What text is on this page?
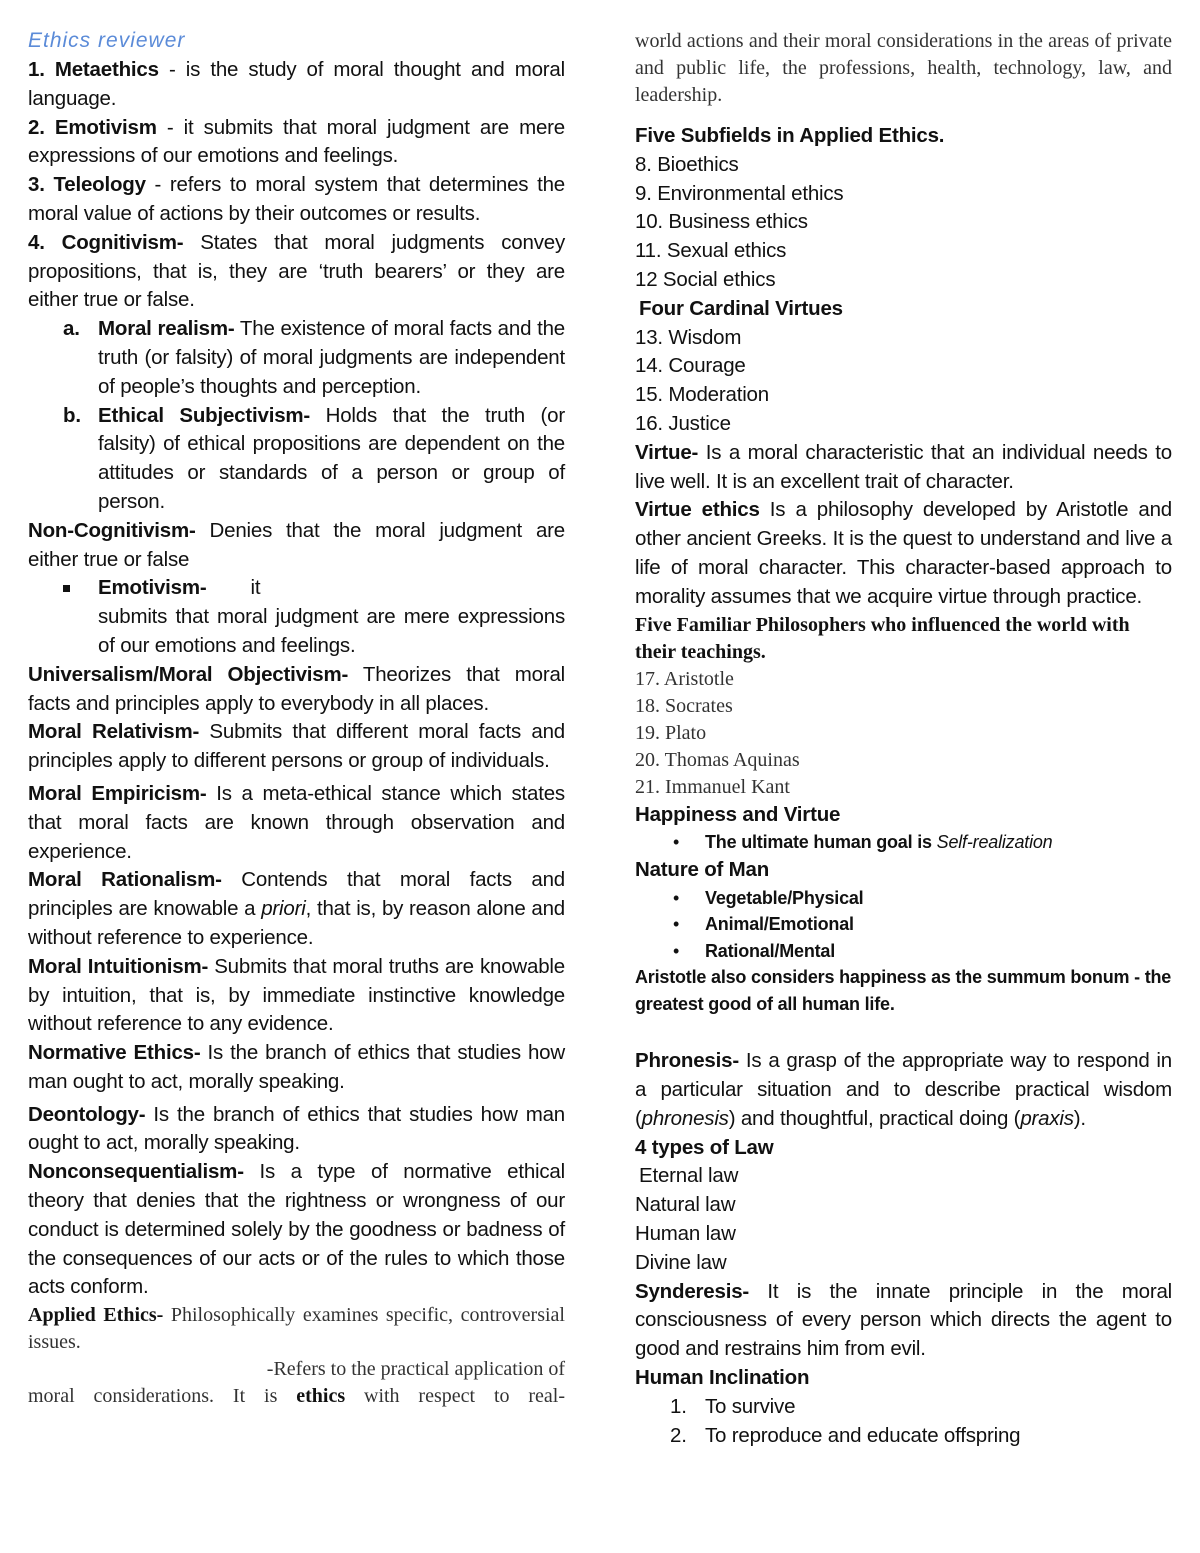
Ethics reviewer

1. Metaethics - is the study of moral thought and moral language.

2. Emotivism - it submits that moral judgment are mere expressions of our emotions and feelings.

3. Teleology - refers to moral system that determines the moral value of actions by their outcomes or results.

4. Cognitivism- States that moral judgments convey propositions, that is, they are ‘truth bearers’ or they are either true or false.

a. Moral realism- The existence of moral facts and the truth (or falsity) of moral judgments are independent of people’s thoughts and perception.

b. Ethical Subjectivism- Holds that the truth (or falsity) of ethical propositions are dependent on the attitudes or standards of a person or group of person.

Non-Cognitivism- Denies that the moral judgment are either true or false

Emotivism-        it
submits that moral judgment are mere expressions of our emotions and feelings.

Universalism/Moral Objectivism- Theorizes that moral facts and principles apply to everybody in all places.

Moral Relativism- Submits that different moral facts and principles apply to different persons or group of individuals.

Moral Empiricism- Is a meta-ethical stance which states that moral facts are known through observation and experience.

Moral Rationalism- Contends that moral facts and principles are knowable a priori, that is, by reason alone and without reference to experience.

Moral Intuitionism- Submits that moral truths are knowable by intuition, that is, by immediate instinctive knowledge without reference to any evidence.

Normative Ethics- Is the branch of ethics that studies how man ought to act, morally speaking.

Deontology- Is the branch of ethics that studies how man ought to act, morally speaking.

Nonconsequentialism- Is a type of normative ethical theory that denies that the rightness or wrongness of our conduct is determined solely by the goodness or badness of the consequences of our acts or of the rules to which those acts conform.

Applied Ethics- Philosophically examines specific, controversial issues.

-Refers to the practical application of

moral considerations. It is ethics with respect to real-

world actions and their moral considerations in the areas of private and public life, the professions, health, technology, law, and leadership.

Five Subfields in Applied Ethics.

8. Bioethics

9. Environmental ethics

10. Business ethics

11. Sexual ethics

12 Social ethics

Four Cardinal Virtues

13. Wisdom

14. Courage

15. Moderation

16. Justice

Virtue- Is a moral characteristic that an individual needs to live well. It is an excellent trait of character.

Virtue ethics Is a philosophy developed by Aristotle and other ancient Greeks. It is the quest to understand and live a life of moral character. This character-based approach to morality assumes that we acquire virtue through practice.

Five Familiar Philosophers who influenced the world with their teachings.

17. Aristotle

18. Socrates

19. Plato

20. Thomas Aquinas

21. Immanuel Kant

Happiness and Virtue

• The ultimate human goal is Self-realization

Nature of Man

• Vegetable/Physical

• Animal/Emotional

• Rational/Mental

Aristotle also considers happiness as the summum bonum - the greatest good of all human life.

Phronesis- Is a grasp of the appropriate way to respond in a particular situation and to describe practical wisdom (phronesis) and thoughtful, practical doing (praxis).

4 types of Law

Eternal law

Natural law

Human law

Divine law

Synderesis- It is the innate principle in the moral consciousness of every person which directs the agent to good and restrains him from evil.

Human Inclination

1. To survive

2. To reproduce and educate offspring
